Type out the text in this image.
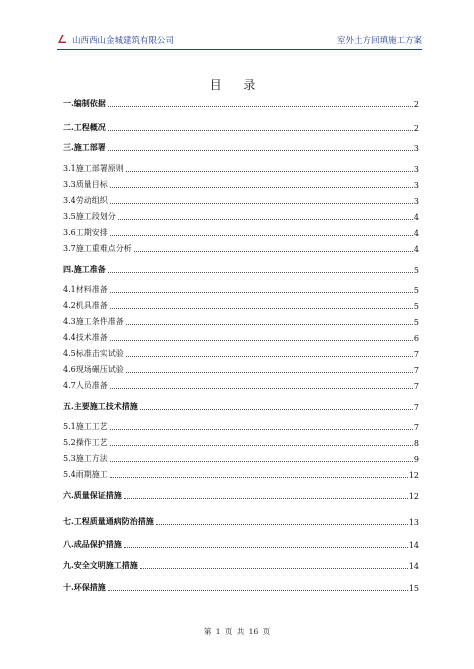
山西西山金城建筑有限公司	室外土方回填施工方案
目 录
一.编制依据	2
二.工程概况	2
三.施工部署	3
3.1施工部署原则	3
3.3质量目标	3
3.4劳动组织	3
3.5施工段划分	4
3.6工期安排	4
3.7施工重难点分析	4
四.施工准备	5
4.1材料准备	5
4.2机具准备	5
4.3施工条件准备	5
4.4技术准备	6
4.5标准击实试验	7
4.6现场碾压试验	7
4.7人员准备	7
五.主要施工技术措施	7
5.1施工工艺	7
5.2操作工艺	8
5.3施工方法	9
5.4雨期施工	12
六.质量保证措施	12
七.工程质量通病防治措施	13
八.成品保护措施	14
九.安全文明施工措施	14
十.环保措施	15
第 1 页 共 16 页
